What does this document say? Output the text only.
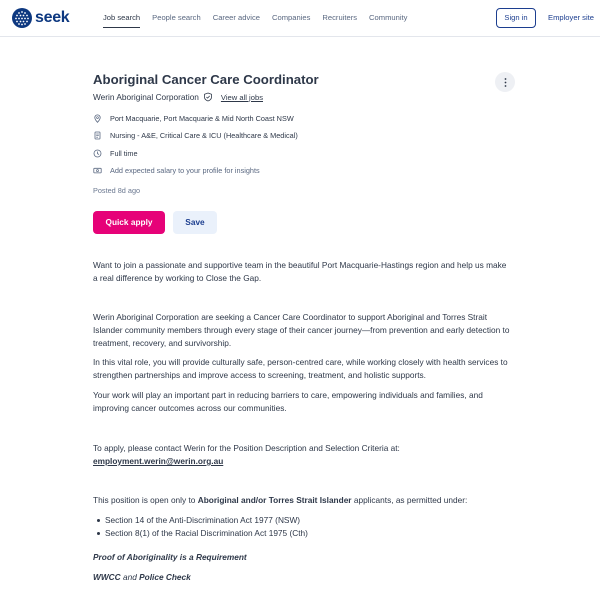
seek	Job search People search Career advice Companies Recruiters Community	Sign in	Employer site
Aboriginal Cancer Care Coordinator
Werin Aboriginal Corporation	View all jobs
Port Macquarie, Port Macquarie & Mid North Coast NSW
Nursing - A&E, Critical Care & ICU (Healthcare & Medical)
Full time
Add expected salary to your profile for insights
Posted 8d ago
Quick apply	Save
Want to join a passionate and supportive team in the beautiful Port Macquarie-Hastings region and help us make a real difference by working to Close the Gap.
Werin Aboriginal Corporation are seeking a Cancer Care Coordinator to support Aboriginal and Torres Strait Islander community members through every stage of their cancer journey—from prevention and early detection to treatment, recovery, and survivorship.
In this vital role, you will provide culturally safe, person-centred care, while working closely with health services to strengthen partnerships and improve access to screening, treatment, and holistic supports.
Your work will play an important part in reducing barriers to care, empowering individuals and families, and improving cancer outcomes across our communities.
To apply, please contact Werin for the Position Description and Selection Criteria at:
employment.werin@werin.org.au
This position is open only to Aboriginal and/or Torres Strait Islander applicants, as permitted under:
Section 14 of the Anti-Discrimination Act 1977 (NSW)
Section 8(1) of the Racial Discrimination Act 1975 (Cth)
Proof of Aboriginality is a Requirement
WWCC and Police Check
